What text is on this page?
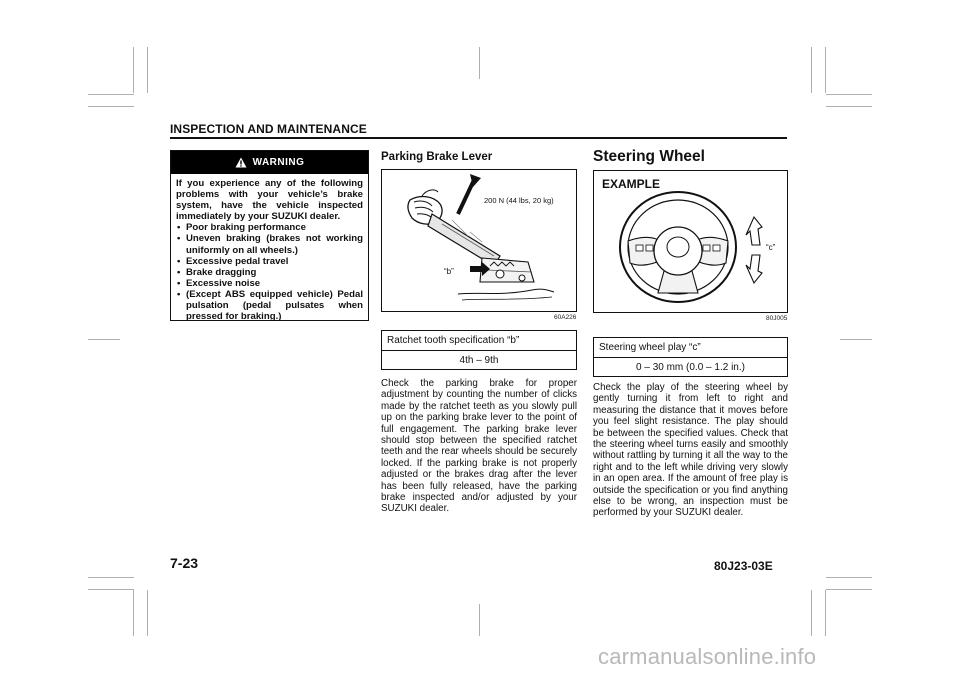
INSPECTION AND MAINTENANCE
WARNING

If you experience any of the following problems with your vehicle’s brake system, have the vehicle inspected immediately by your SUZUKI dealer.

• Poor braking performance
• Uneven braking (brakes not working uniformly on all wheels.)
• Excessive pedal travel
• Brake dragging
• Excessive noise
• (Except ABS equipped vehicle) Pedal pulsation (pedal pulsates when pressed for braking.)
Parking Brake Lever
200 N (44 lbs, 20 kg)
“b”
60A226
Ratchet tooth specification “b”
4th – 9th
Check the parking brake for proper adjustment by counting the number of clicks made by the ratchet teeth as you slowly pull up on the parking brake lever to the point of full engagement. The parking brake lever should stop between the specified ratchet teeth and the rear wheels should be securely locked. If the parking brake is not properly adjusted or the brakes drag after the lever has been fully released, have the parking brake inspected and/or adjusted by your SUZUKI dealer.
Steering Wheel
EXAMPLE
“c”
80J005
Steering wheel play “c”
0 – 30 mm (0.0 – 1.2 in.)
Check the play of the steering wheel by gently turning it from left to right and measuring the distance that it moves before you feel slight resistance. The play should be between the specified values. Check that the steering wheel turns easily and smoothly without rattling by turning it all the way to the right and to the left while driving very slowly in an open area. If the amount of free play is outside the specification or you find anything else to be wrong, an inspection must be performed by your SUZUKI dealer.
7-23	80J23-03E
carmanualsonline.info
